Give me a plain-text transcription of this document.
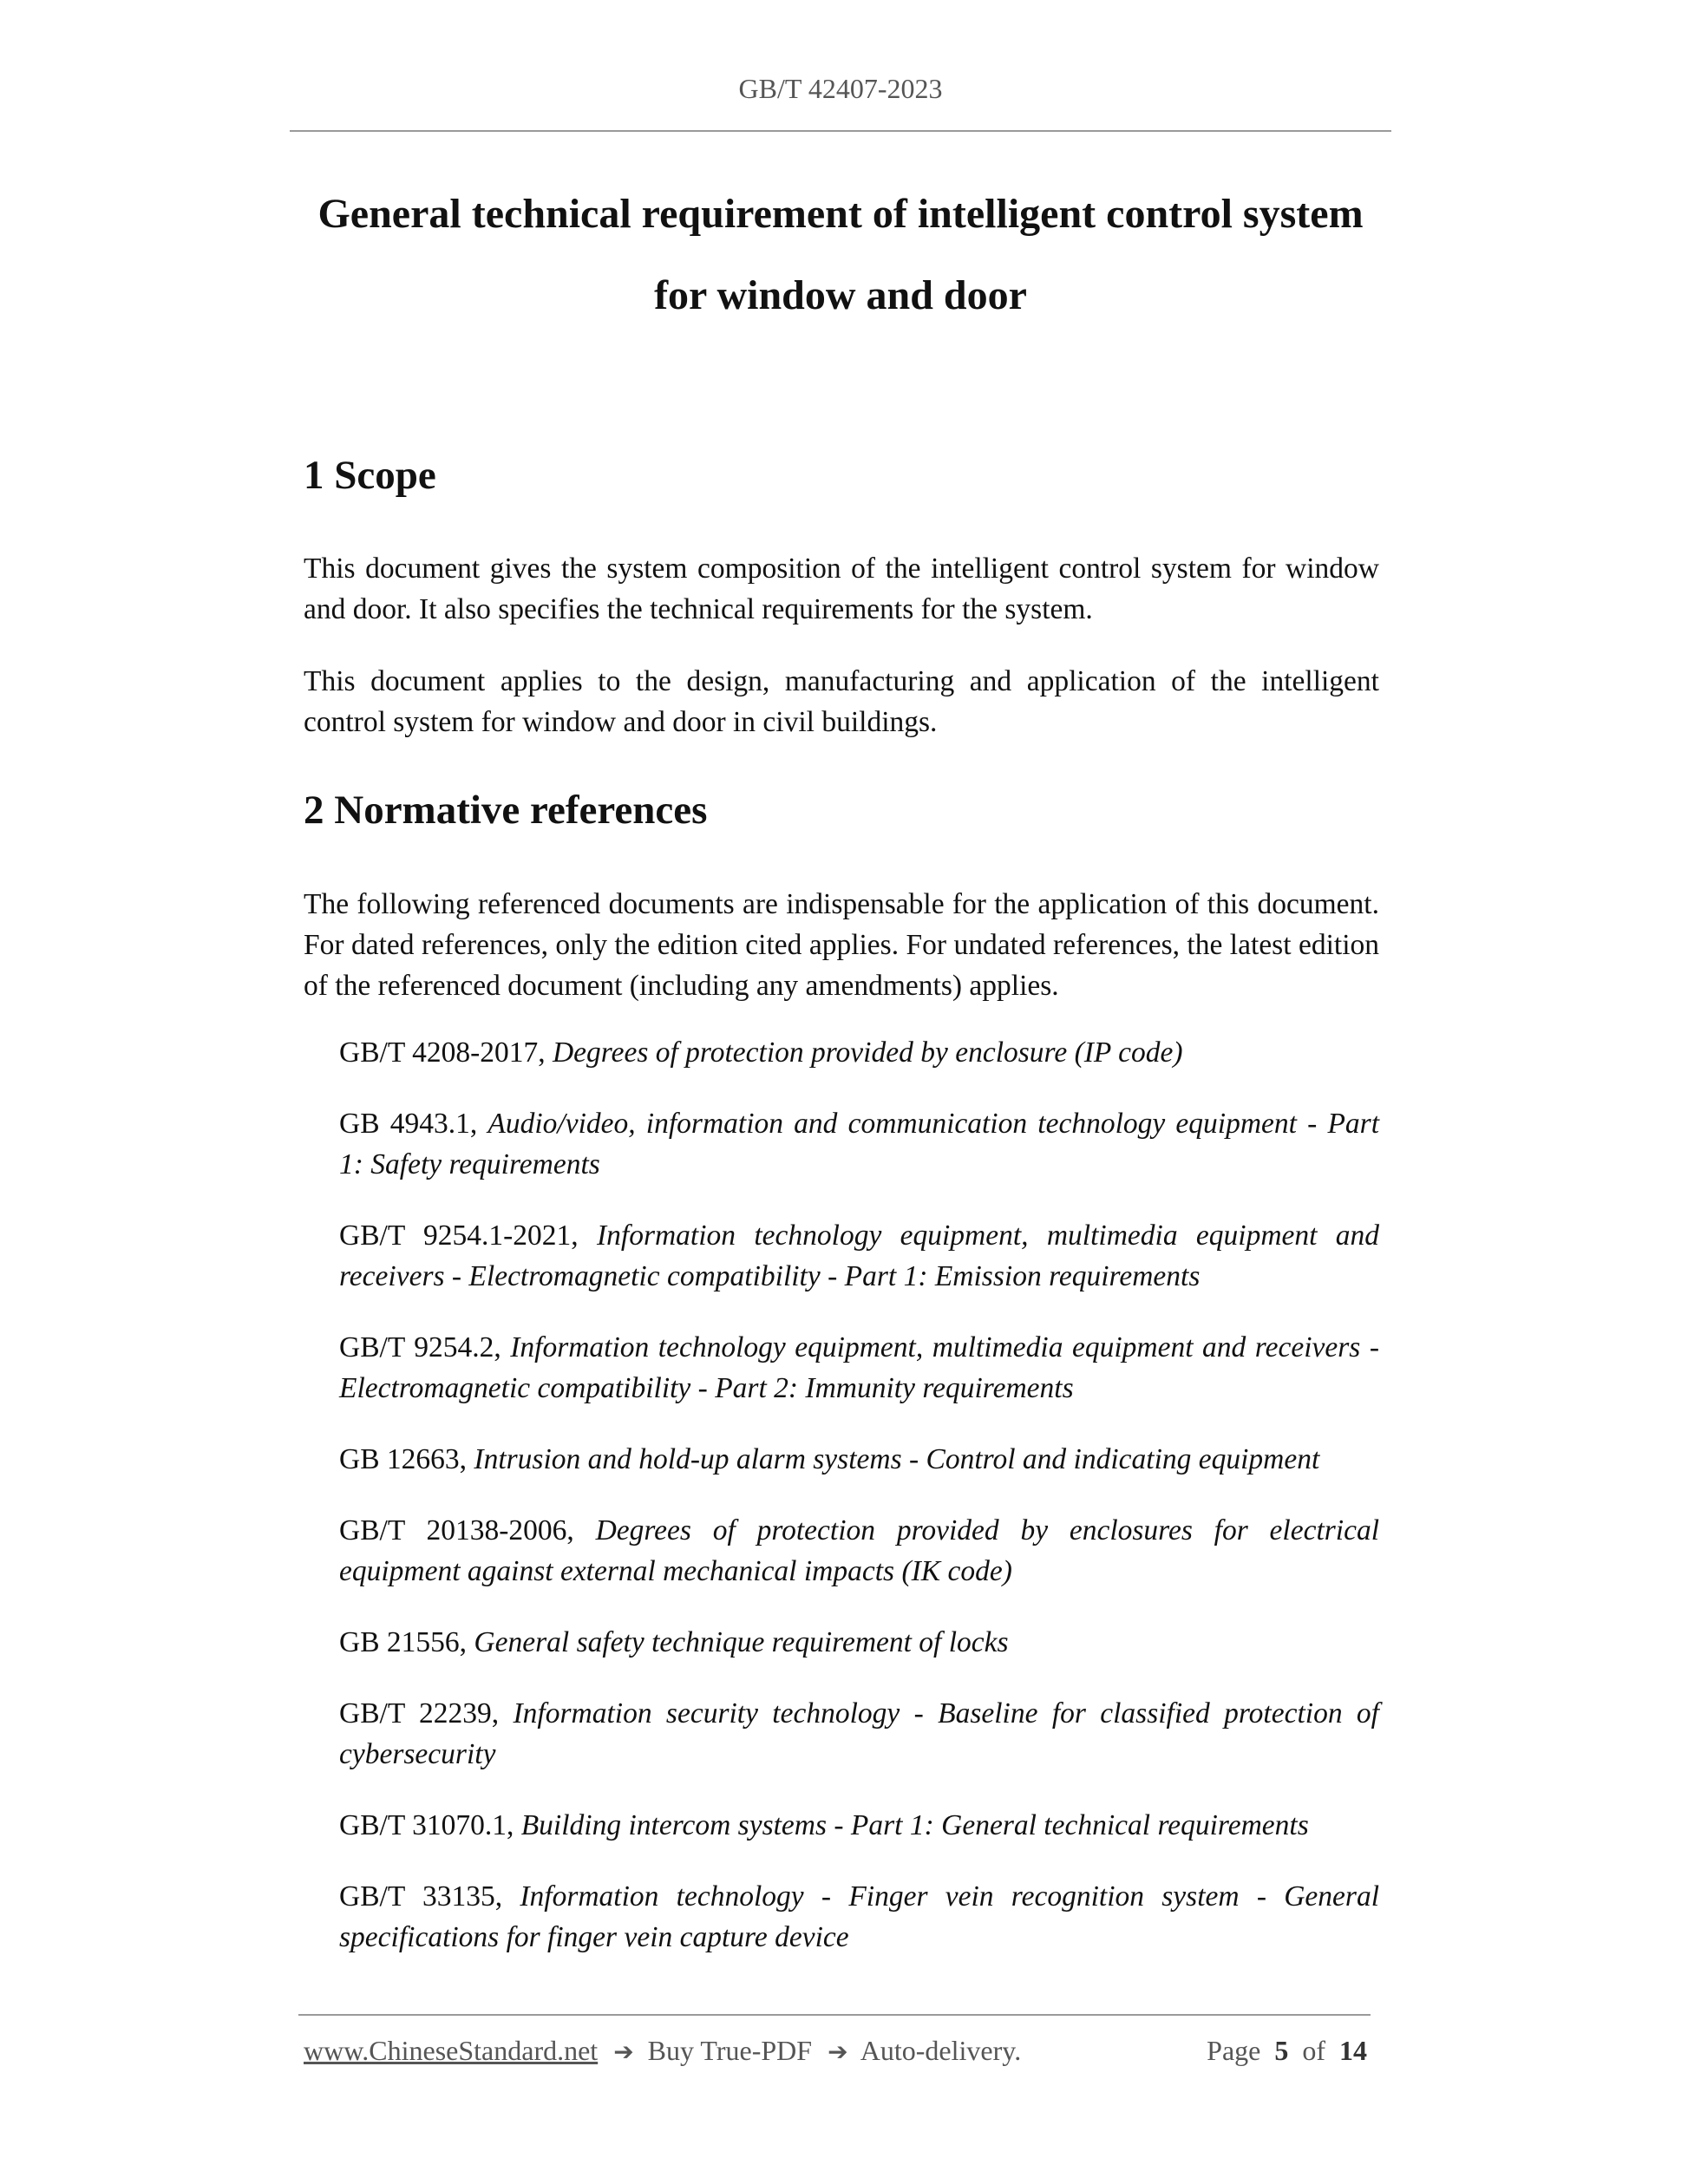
GB/T 42407-2023
General technical requirement of intelligent control system
for window and door
1 Scope

This document gives the system composition of the intelligent control system for window and door. It also specifies the technical requirements for the system.

This document applies to the design, manufacturing and application of the intelligent control system for window and door in civil buildings.

2 Normative references

The following referenced documents are indispensable for the application of this document. For dated references, only the edition cited applies. For undated references, the latest edition of the referenced document (including any amendments) applies.

GB/T 4208-2017, Degrees of protection provided by enclosure (IP code)
GB 4943.1, Audio/video, information and communication technology equipment - Part 1: Safety requirements
GB/T 9254.1-2021, Information technology equipment, multimedia equipment and receivers - Electromagnetic compatibility - Part 1: Emission requirements
GB/T 9254.2, Information technology equipment, multimedia equipment and receivers - Electromagnetic compatibility - Part 2: Immunity requirements
GB 12663, Intrusion and hold-up alarm systems - Control and indicating equipment
GB/T 20138-2006, Degrees of protection provided by enclosures for electrical equipment against external mechanical impacts (IK code)
GB 21556, General safety technique requirement of locks
GB/T 22239, Information security technology - Baseline for classified protection of cybersecurity
GB/T 31070.1, Building intercom systems - Part 1: General technical requirements
GB/T 33135, Information technology - Finger vein recognition system - General specifications for finger vein capture device
www.ChineseStandard.net ➔ Buy True-PDF ➔ Auto-delivery.	Page 5 of 14
